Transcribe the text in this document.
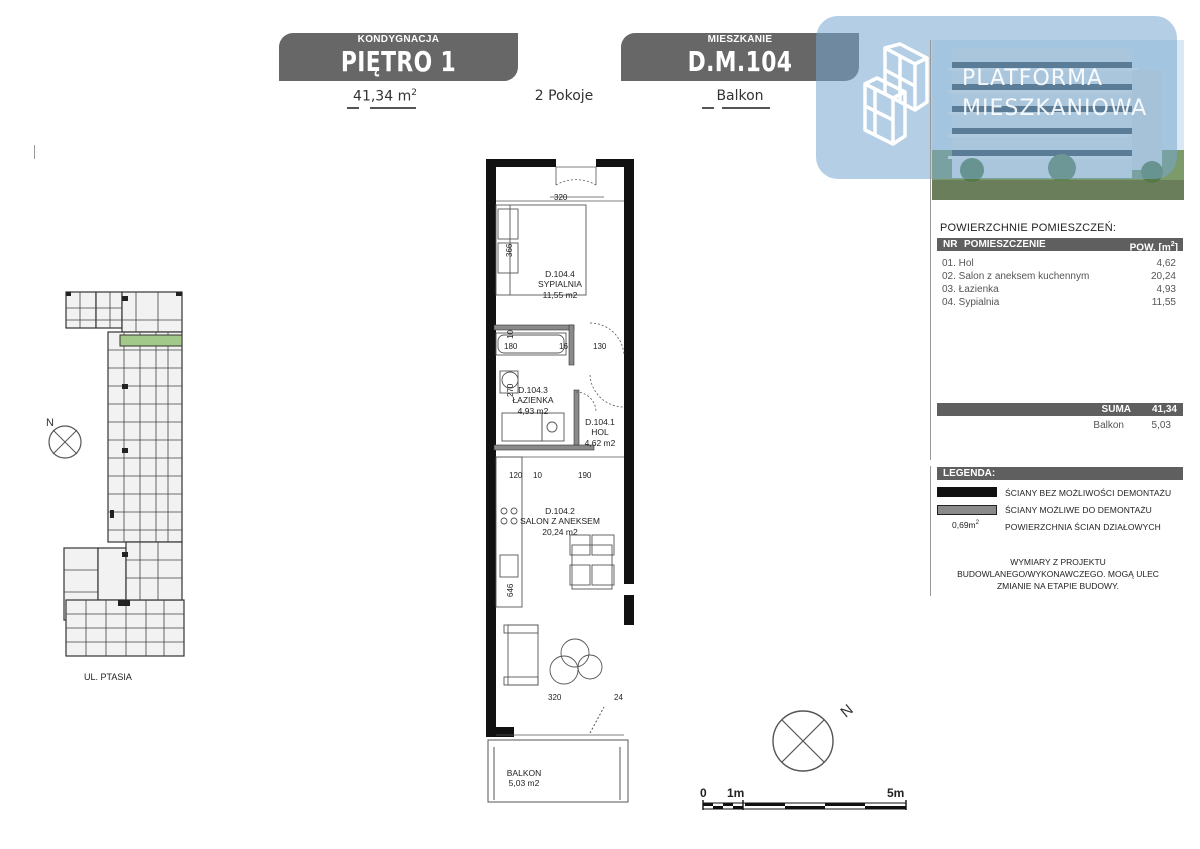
KONDYGNACJA
PIĘTRO 1
MIESZKANIE
D.M.104
41,34 $m^2$	2 Pokoje	Balkon
PLATFORMA
MIESZKANIOWA
POWIERZCHNIE POMIESZCZEŃ:
NR POMIESZCZENIE	POW. $[m^2]$
01. Hol	4,62
02. Salon z aneksem kuchennym	20,24
03. Łazienka	4,93
04. Sypialnia	11,55
SUMA 41,34
Balkon	5,03
LEGENDA:
ŚCIANY BEZ MOŻLIWOŚCI DEMONTAŻU
ŚCIANY MOŻLIWE DO DEMONTAŻU
$0,69m^2$	POWIERZCHNIA ŚCIAN DZIAŁOWYCH
WYMIARY Z PROJEKTU
BUDOWLANEGO/WYKONAWCZEGO. MOGĄ ULEC
ZMIANIE NA ETAPIE BUDOWY.
UL. PTASIA
N
D.104.4
SYPIALNIA
11,55 m2
D.104.3
ŁAZIENKA
4,93 m2
D.104.1
HOL
4,62 m2
D.104.2
SALON Z ANEKSEM
20,24 m2
BALKON
5,03 m2
320
366
10
180	16	130
270
120 10	190
646
320	24
N
0 1m	5m
